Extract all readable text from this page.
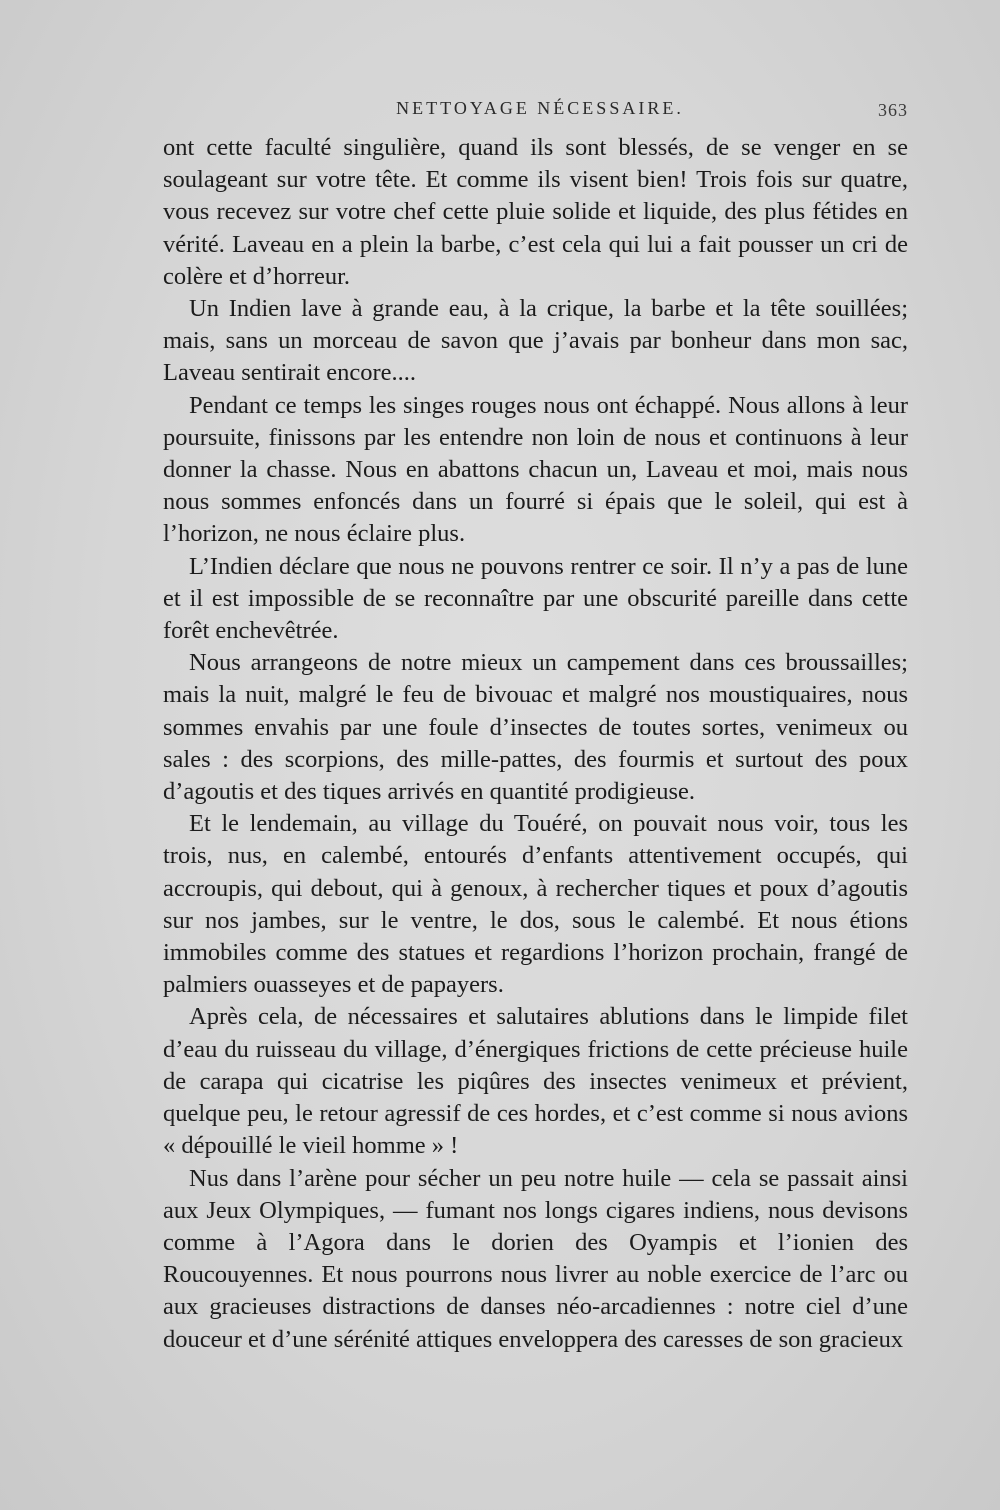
NETTOYAGE NÉCESSAIRE.	363

ont cette faculté singulière, quand ils sont blessés, de se venger en se soulageant sur votre tête. Et comme ils visent bien! Trois fois sur quatre, vous recevez sur votre chef cette pluie solide et liquide, des plus fétides en vérité. Laveau en a plein la barbe, c’est cela qui lui a fait pousser un cri de colère et d’horreur.

Un Indien lave à grande eau, à la crique, la barbe et la tête souillées; mais, sans un morceau de savon que j’avais par bonheur dans mon sac, Laveau sentirait encore....

Pendant ce temps les singes rouges nous ont échappé. Nous allons à leur poursuite, finissons par les entendre non loin de nous et continuons à leur donner la chasse. Nous en abattons chacun un, Laveau et moi, mais nous nous sommes enfoncés dans un fourré si épais que le soleil, qui est à l’horizon, ne nous éclaire plus.

L’Indien déclare que nous ne pouvons rentrer ce soir. Il n’y a pas de lune et il est impossible de se reconnaître par une obscurité pareille dans cette forêt enchevêtrée.

Nous arrangeons de notre mieux un campement dans ces broussailles; mais la nuit, malgré le feu de bivouac et malgré nos moustiquaires, nous sommes envahis par une foule d’insectes de toutes sortes, venimeux ou sales : des scorpions, des mille-pattes, des fourmis et surtout des poux d’agoutis et des tiques arrivés en quantité prodigieuse.

Et le lendemain, au village du Touéré, on pouvait nous voir, tous les trois, nus, en calembé, entourés d’enfants attentivement occupés, qui accroupis, qui debout, qui à genoux, à rechercher tiques et poux d’agoutis sur nos jambes, sur le ventre, le dos, sous le calembé. Et nous étions immobiles comme des statues et regardions l’horizon prochain, frangé de palmiers ouasseyes et de papayers.

Après cela, de nécessaires et salutaires ablutions dans le limpide filet d’eau du ruisseau du village, d’énergiques frictions de cette précieuse huile de carapa qui cicatrise les piqûres des insectes venimeux et prévient, quelque peu, le retour agressif de ces hordes, et c’est comme si nous avions « dépouillé le vieil homme » !

Nus dans l’arène pour sécher un peu notre huile — cela se passait ainsi aux Jeux Olympiques, — fumant nos longs cigares indiens, nous devisons comme à l’Agora dans le dorien des Oyampis et l’ionien des Roucouyennes. Et nous pourrons nous livrer au noble exercice de l’arc ou aux gracieuses distractions de danses néo-arcadiennes : notre ciel d’une douceur et d’une sérénité attiques enveloppera des caresses de son gracieux
